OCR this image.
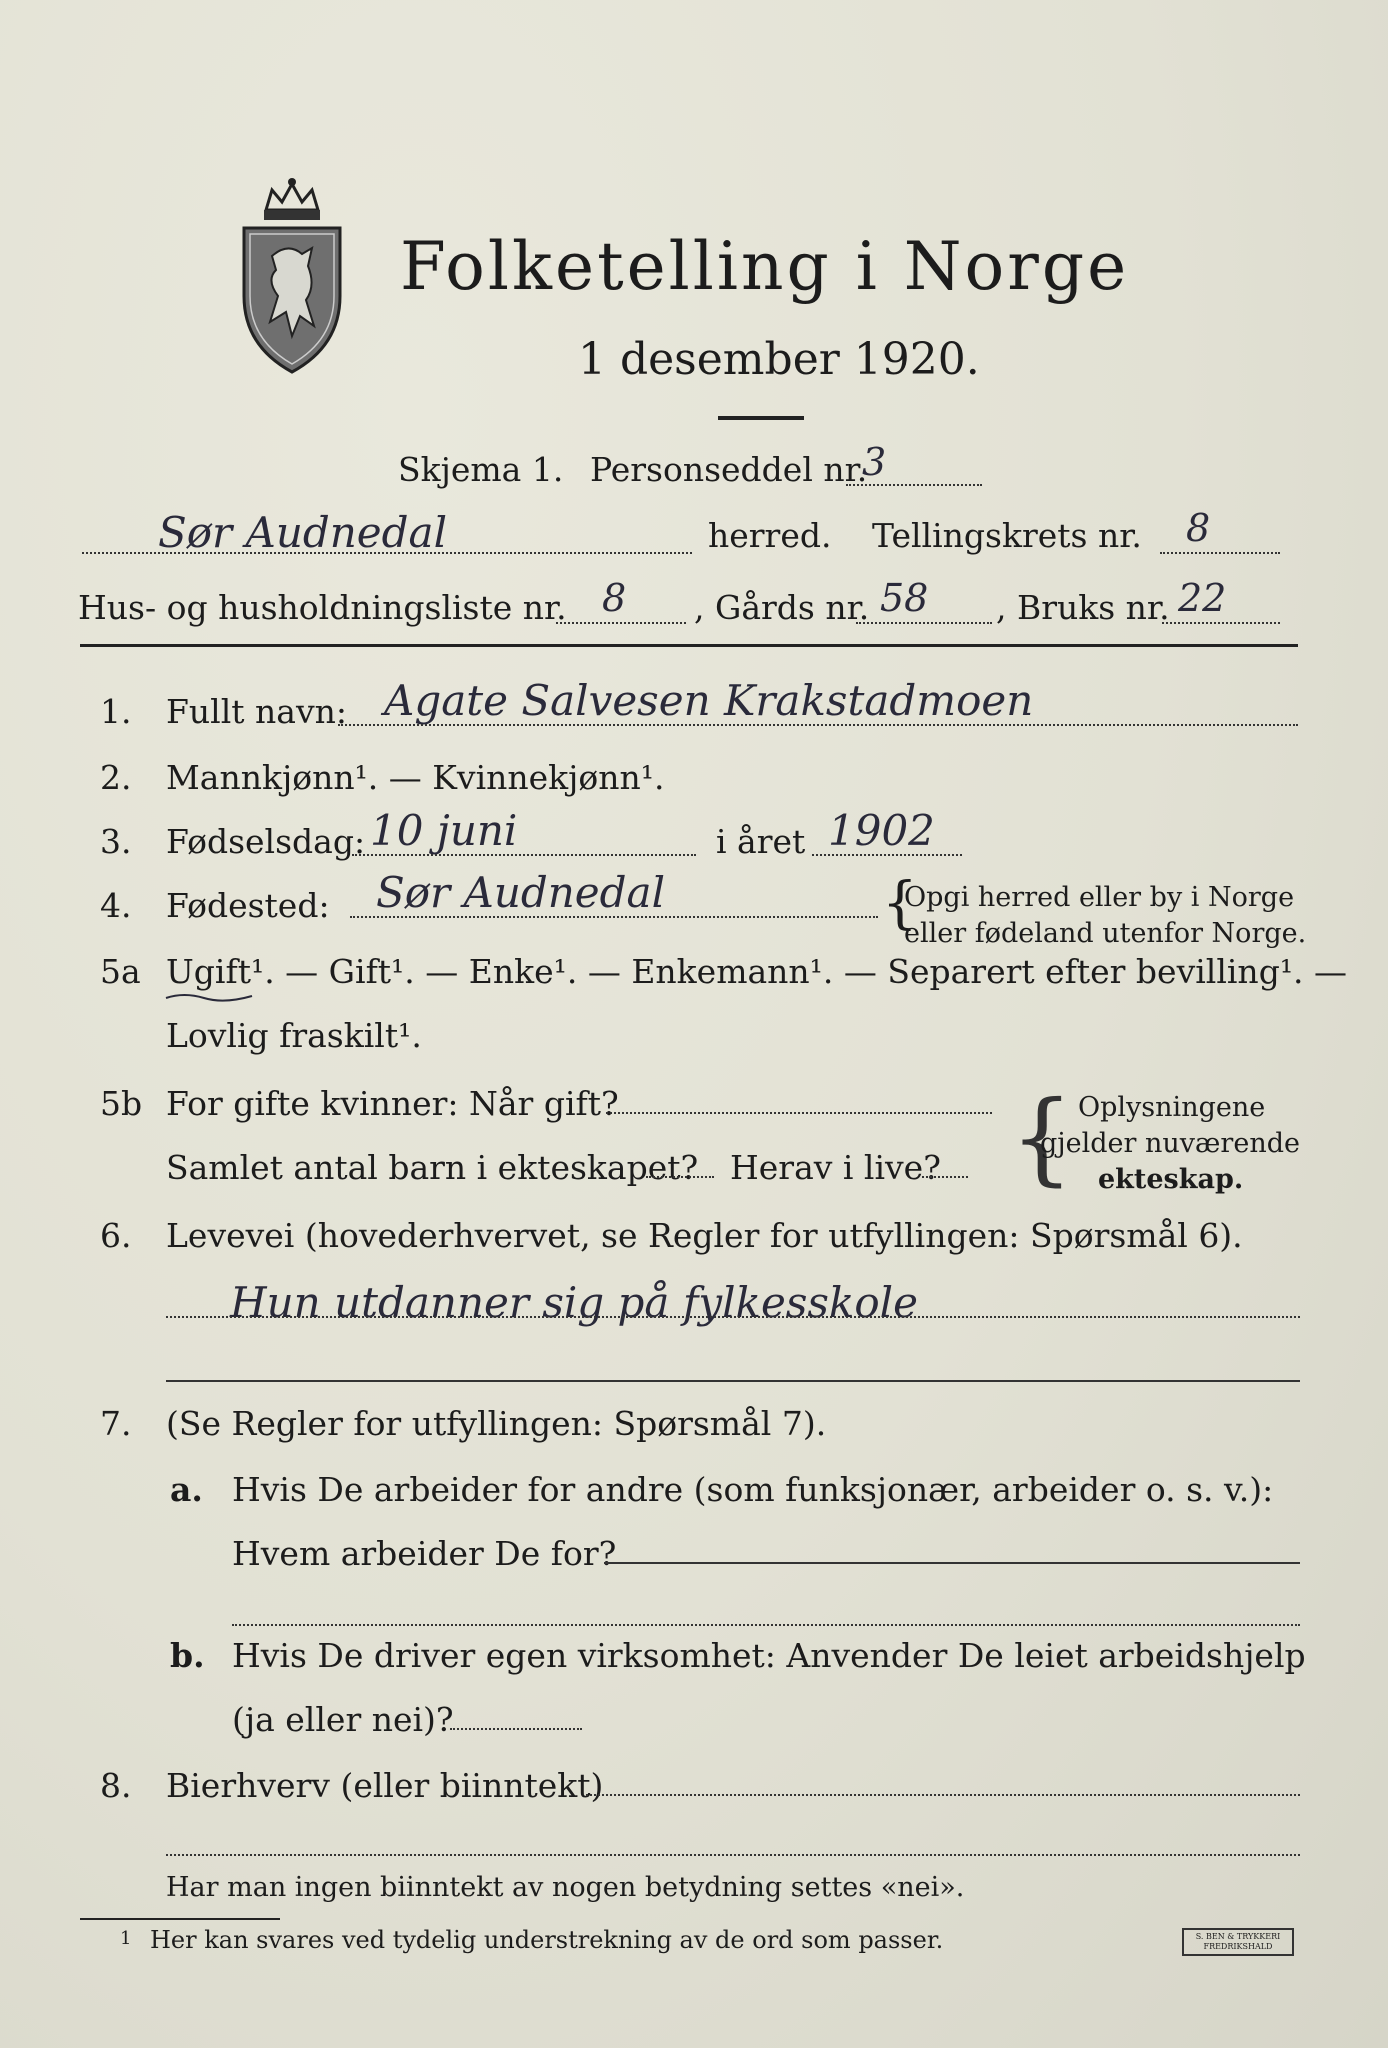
Folketelling i Norge
1 desember 1920.
Skjema 1. Personseddel nr.
3
Sør Audnedal	herred. Tellingskrets nr. 8
Hus- og husholdningsliste nr. 8 , Gårds nr. 58 , Bruks nr. 22
1. Fullt navn: Agate Salvesen Krakstadmoen
2. Mannkjønn¹. — Kvinnekjønn¹.
3. Fødselsdag: 10 juni	i året 1902
4. Fødested: Sør Audnedal	{
Opgi herred eller by i Norge
eller fødeland utenfor Norge.
5a Ugift¹. — Gift¹. — Enke¹. — Enkemann¹. — Separert efter bevilling¹. —
Lovlig fraskilt¹.
5b For gifte kvinner: Når gift?
Samlet antal barn i ekteskapet? Herav i live? { Oplysningene
gjelder nuværende
ekteskap.
6. Levevei (hovederhvervet, se Regler for utfyllingen: Spørsmål 6).
Hun utdanner sig på fylkesskole
7. (Se Regler for utfyllingen: Spørsmål 7).
a. Hvis De arbeider for andre (som funksjonær, arbeider o. s. v.):
Hvem arbeider De for?
b. Hvis De driver egen virksomhet: Anvender De leiet arbeidshjelp
(ja eller nei)?
8. Bierhverv (eller biinntekt)
Har man ingen biinntekt av nogen betydning settes «nei».
1 Her kan svares ved tydelig understrekning av de ord som passer.	S. BEN & TRYKKERI FREDRIKSHALD
